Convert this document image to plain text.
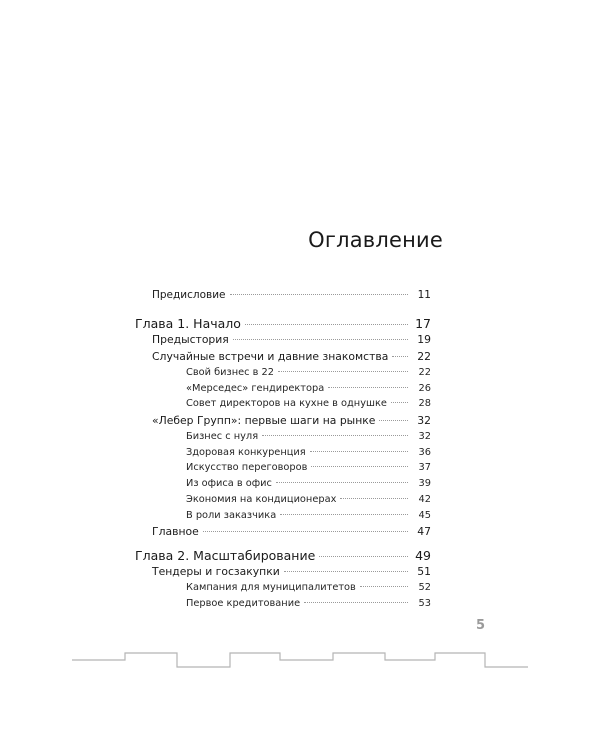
Оглавление
Предисловие	11
Глава 1. Начало	17
Предыстория	19
Случайные встречи и давние знакомства	22
Свой бизнес в 22	22
«Мерседес» гендиректора	26
Совет директоров на кухне в однушке	28
«Лебер Групп»: первые шаги на рынке	32
Бизнес с нуля	32
Здоровая конкуренция	36
Искусство переговоров	37
Из офиса в офис	39
Экономия на кондиционерах	42
В роли заказчика	45
Главное	47
Глава 2. Масштабирование	49
Тендеры и госзакупки	51
Кампания для муниципалитетов	52
Первое кредитование	53
5
